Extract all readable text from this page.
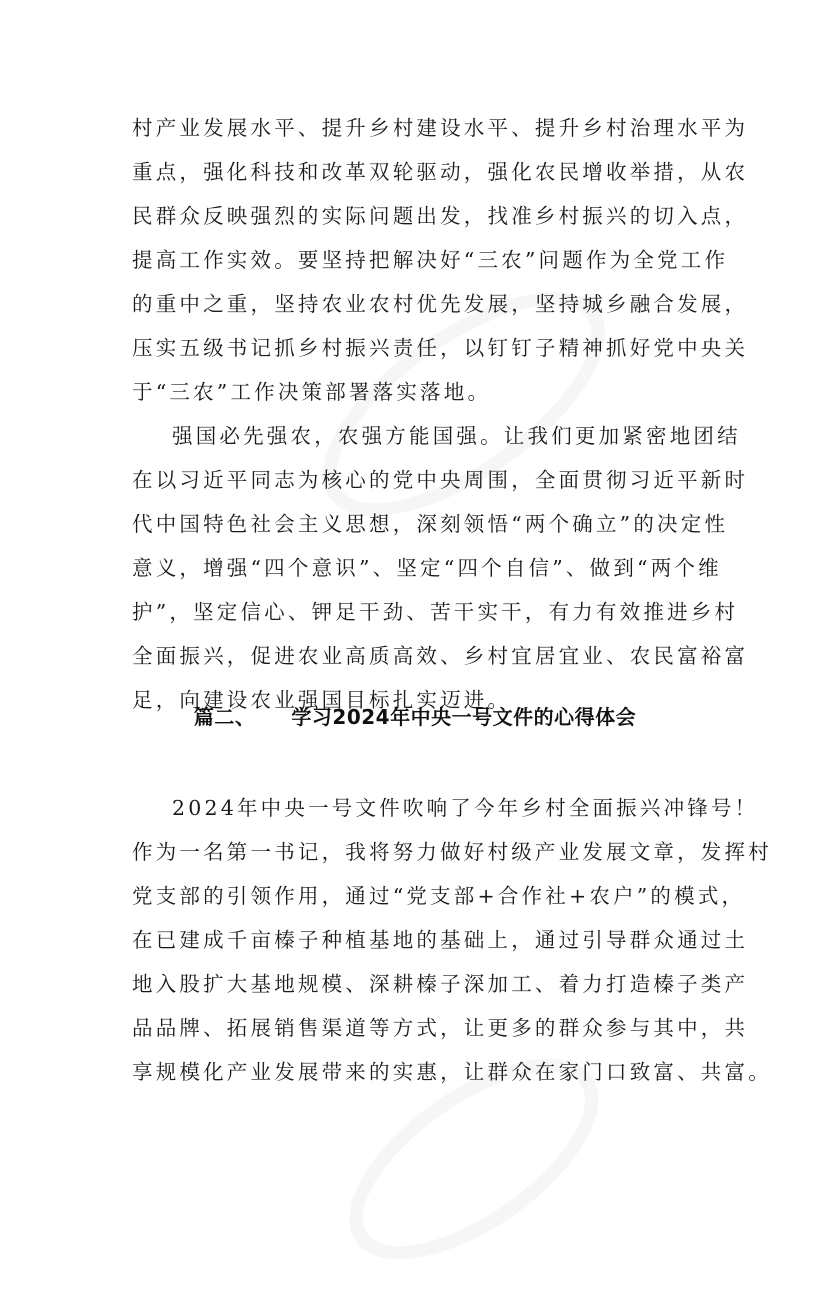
村产业发展水平、提升乡村建设水平、提升乡村治理水平为
重点，强化科技和改革双轮驱动，强化农民增收举措，从农
民群众反映强烈的实际问题出发，找准乡村振兴的切入点，
提高工作实效。要坚持把解决好“三农”问题作为全党工作
的重中之重，坚持农业农村优先发展，坚持城乡融合发展，
压实五级书记抓乡村振兴责任，以钉钉子精神抓好党中央关
于“三农”工作决策部署落实落地。
强国必先强农，农强方能国强。让我们更加紧密地团结
在以习近平同志为核心的党中央周围，全面贯彻习近平新时
代中国特色社会主义思想，深刻领悟“两个确立”的决定性
意义，增强“四个意识”、坚定“四个自信”、做到“两个维
护”，坚定信心、钾足干劲、苦干实干，有力有效推进乡村
全面振兴，促进农业高质高效、乡村宜居宜业、农民富裕富
足，向建设农业强国目标扎实迈进。
篇二、 学习2024年中央一号文件的心得体会
2024年中央一号文件吹响了今年乡村全面振兴冲锋号！
作为一名第一书记，我将努力做好村级产业发展文章，发挥村
党支部的引领作用，通过“党支部+合作社+农户”的模式，
在已建成千亩榛子种植基地的基础上，通过引导群众通过土
地入股扩大基地规模、深耕榛子深加工、着力打造榛子类产
品品牌、拓展销售渠道等方式，让更多的群众参与其中，共
享规模化产业发展带来的实惠，让群众在家门口致富、共富。
